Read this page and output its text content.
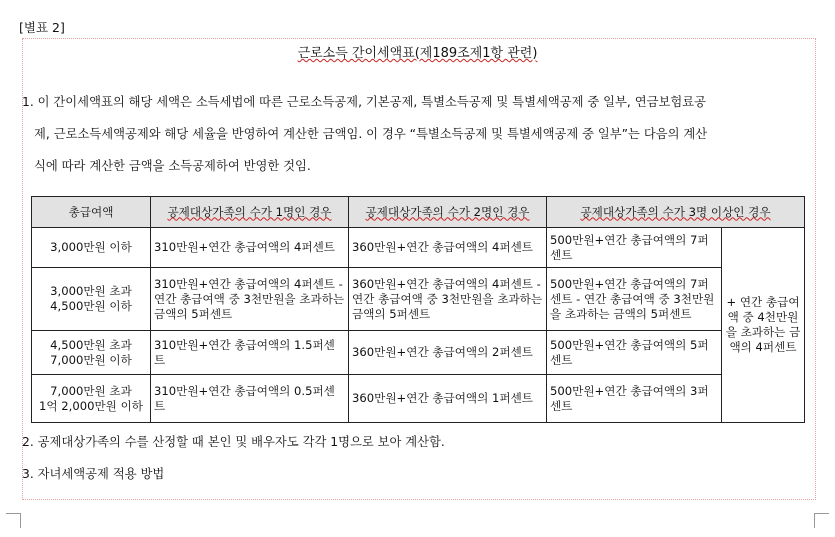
[별표 2]
근로소득 간이세액표(제189조제1항 관련)
1. 이 간이세액표의 해당 세액은 소득세법에 따른 근로소득공제, 기본공제, 특별소득공제 및 특별세액공제 중 일부, 연금보험료공
제, 근로소득세액공제와 해당 세율을 반영하여 계산한 금액임. 이 경우 “특별소득공제 및 특별세액공제 중 일부”는 다음의 계산
식에 따라 계산한 금액을 소득공제하여 반영한 것임.
총급여액	공제대상가족의 수가 1명인 경우	공제대상가족의 수가 2명인 경우	공제대상가족의 수가 3명 이상인 경우	
3,000만원 이하	310만원+연간 총급여액의 4퍼센트	360만원+연간 총급여액의 4퍼센트	500만원+연간 총급여액의 7퍼센트	+ 연간 총급여액 중 4천만원을 초과하는 금액의 4퍼센트
3,000만원 초과
4,500만원 이하	310만원+연간 총급여액의 4퍼센트 - 연간 총급여액 중 3천만원을 초과하는 금액의 5퍼센트	360만원+연간 총급여액의 4퍼센트 - 연간 총급여액 중 3천만원을 초과하는 금액의 5퍼센트	500만원+연간 총급여액의 7퍼센트 - 연간 총급여액 중 3천만원을 초과하는 금액의 5퍼센트	
4,500만원 초과
7,000만원 이하	310만원+연간 총급여액의 1.5퍼센트	360만원+연간 총급여액의 2퍼센트	500만원+연간 총급여액의 5퍼센트	
7,000만원 초과
1억 2,000만원 이하	310만원+연간 총급여액의 0.5퍼센트	360만원+연간 총급여액의 1퍼센트	500만원+연간 총급여액의 3퍼센트	
2. 공제대상가족의 수를 산정할 때 본인 및 배우자도 각각 1명으로 보아 계산함.
3. 자녀세액공제 적용 방법
